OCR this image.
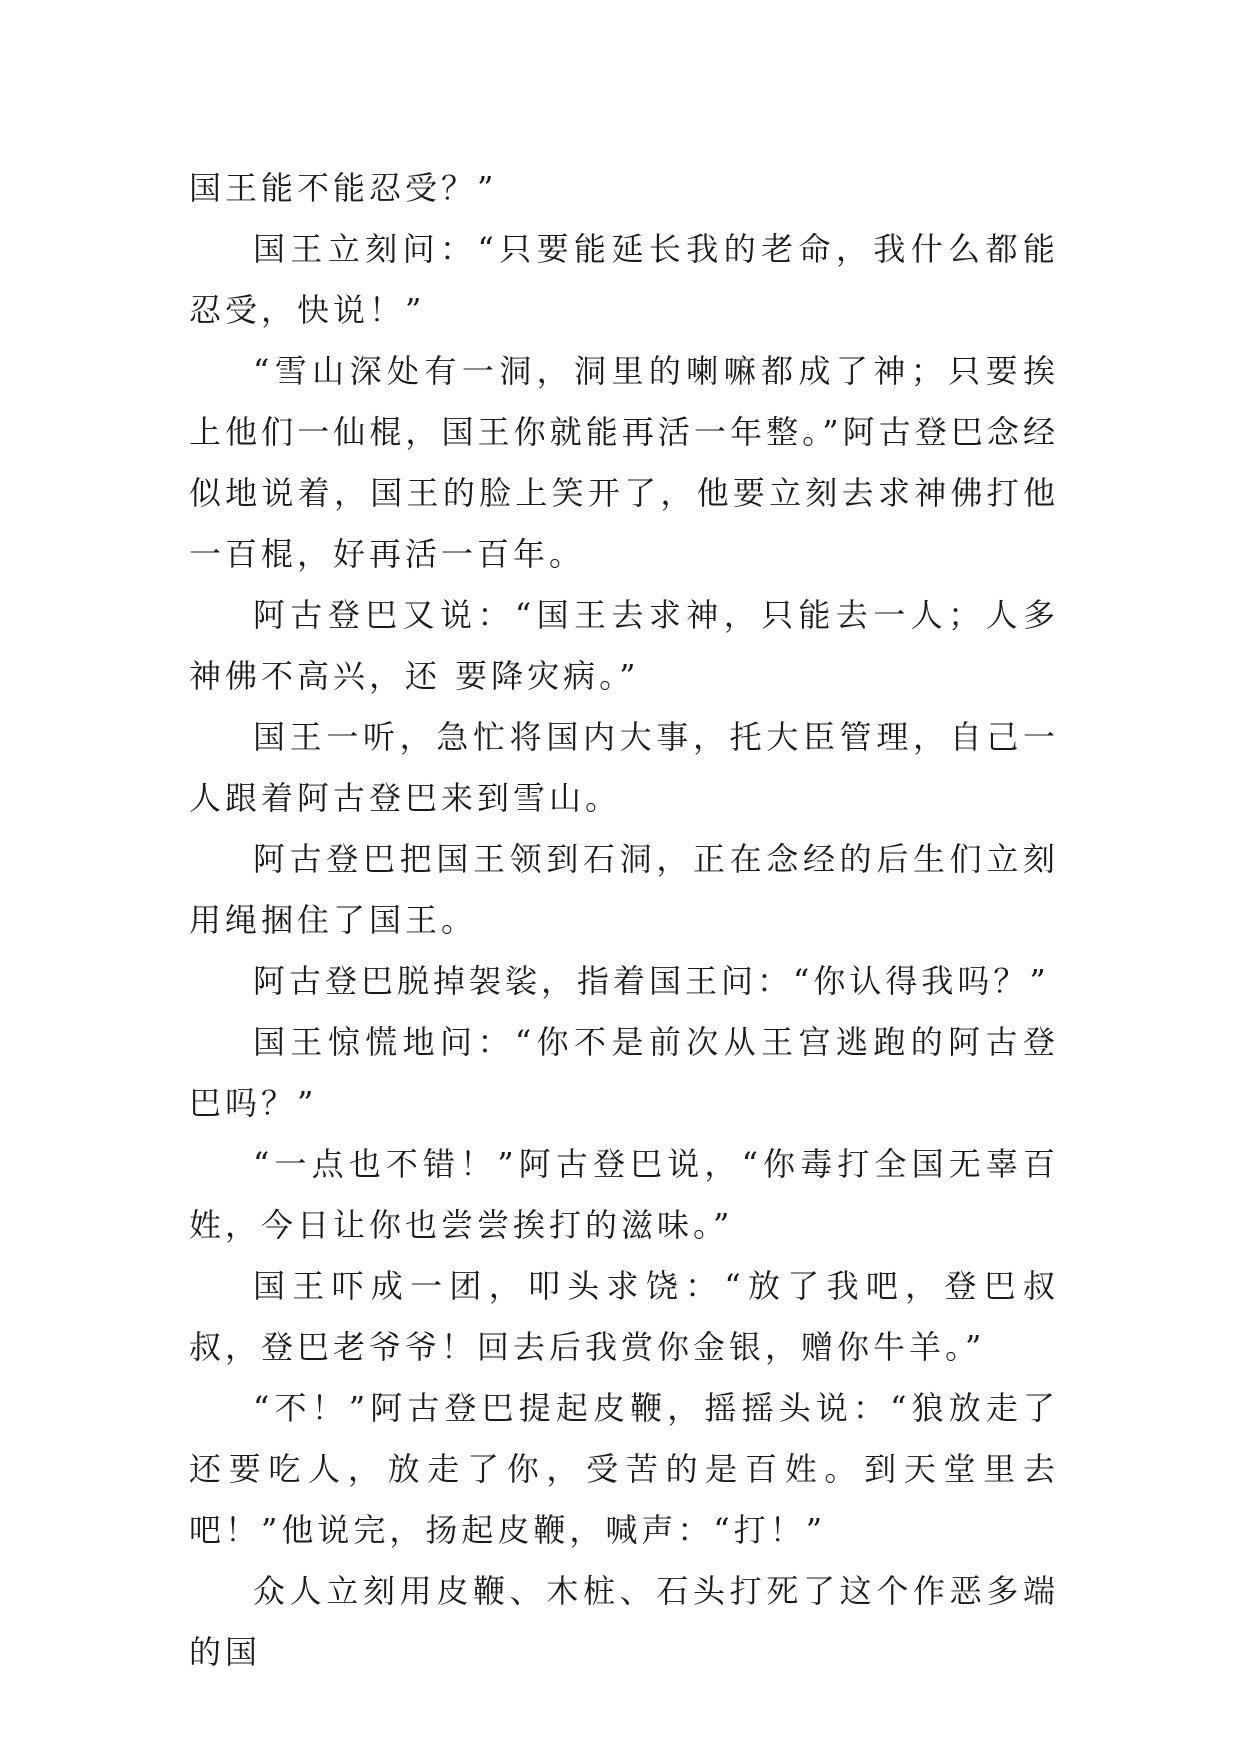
国王能不能忍受？”

国王立刻问：“只要能延长我的老命，我什么都能忍受，快说！”

“雪山深处有一洞，洞里的喇嘛都成了神；只要挨上他们一仙棍，国王你就能再活一年整。”阿古登巴念经似地说着，国王的脸上笑开了，他要立刻去求神佛打他一百棍，好再活一百年。

阿古登巴又说：“国王去求神，只能去一人；人多神佛不高兴，还 要降灾病。”

国王一听，急忙将国内大事，托大臣管理，自己一人跟着阿古登巴来到雪山。

阿古登巴把国王领到石洞，正在念经的后生们立刻用绳捆住了国王。

阿古登巴脱掉袈裟，指着国王问：“你认得我吗？”

国王惊慌地问：“你不是前次从王宫逃跑的阿古登巴吗？”

“一点也不错！”阿古登巴说，“你毒打全国无辜百姓，今日让你也尝尝挨打的滋味。”

国王吓成一团，叩头求饶：“放了我吧，登巴叔叔，登巴老爷爷！回去后我赏你金银，赠你牛羊。”

“不！”阿古登巴提起皮鞭，摇摇头说：“狼放走了还要吃人，放走了你，受苦的是百姓。到天堂里去吧！”他说完，扬起皮鞭，喊声：“打！”

众人立刻用皮鞭、木桩、石头打死了这个作恶多端的国
